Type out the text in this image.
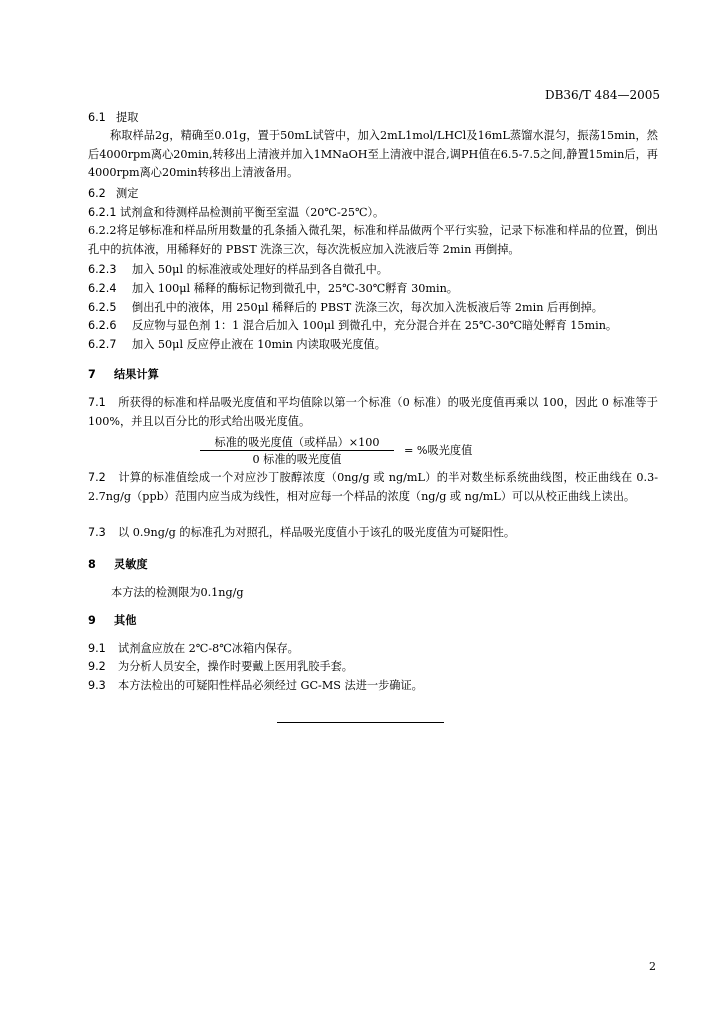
DB36/T 484—2005
6.1 提取
称取样品2g，精确至0.01g，置于50mL试管中，加入2mL1mol/LHCl及16mL蒸馏水混匀，振荡15min，然后4000rpm离心20min,转移出上清液并加入1MNaOH至上清液中混合,调PH值在6.5-7.5之间,静置15min后，再4000rpm离心20min转移出上清液备用。
6.2 测定
6.2.1 试剂盒和待测样品检测前平衡至室温（20℃-25℃）。
6.2.2将足够标准和样品所用数量的孔条插入微孔架，标准和样品做两个平行实验，记录下标准和样品的位置，倒出孔中的抗体液，用稀释好的 PBST 洗涤三次，每次洗板应加入洗液后等 2min 再倒掉。
6.2.3 加入 50μl 的标准液或处理好的样品到各自微孔中。
6.2.4 加入 100μl 稀释的酶标记物到微孔中，25℃-30℃孵育 30min。
6.2.5 倒出孔中的液体，用 250μl 稀释后的 PBST 洗涤三次，每次加入洗板液后等 2min 后再倒掉。
6.2.6 反应物与显色剂 1：1 混合后加入 100μl 到微孔中，充分混合并在 25℃-30℃暗处孵育 15min。
6.2.7 加入 50μl 反应停止液在 10min 内读取吸光度值。
7 结果计算
7.1 所获得的标准和样品吸光度值和平均值除以第一个标准（0 标准）的吸光度值再乘以 100，因此 0 标准等于 100%，并且以百分比的形式给出吸光度值。
标准的吸光度值（或样品）×100
0 标准的吸光度值
= %吸光度值
7.2 计算的标准值绘成一个对应沙丁胺醇浓度（0ng/g 或 ng/mL）的半对数坐标系统曲线图，校正曲线在 0.3-2.7ng/g（ppb）范围内应当成为线性，相对应每一个样品的浓度（ng/g 或 ng/mL）可以从校正曲线上读出。
7.3 以 0.9ng/g 的标准孔为对照孔，样品吸光度值小于该孔的吸光度值为可疑阳性。
8 灵敏度
本方法的检测限为0.1ng/g
9 其他
9.1 试剂盒应放在 2℃-8℃冰箱内保存。
9.2 为分析人员安全，操作时要戴上医用乳胶手套。
9.3 本方法检出的可疑阳性样品必须经过 GC-MS 法进一步确证。
2
